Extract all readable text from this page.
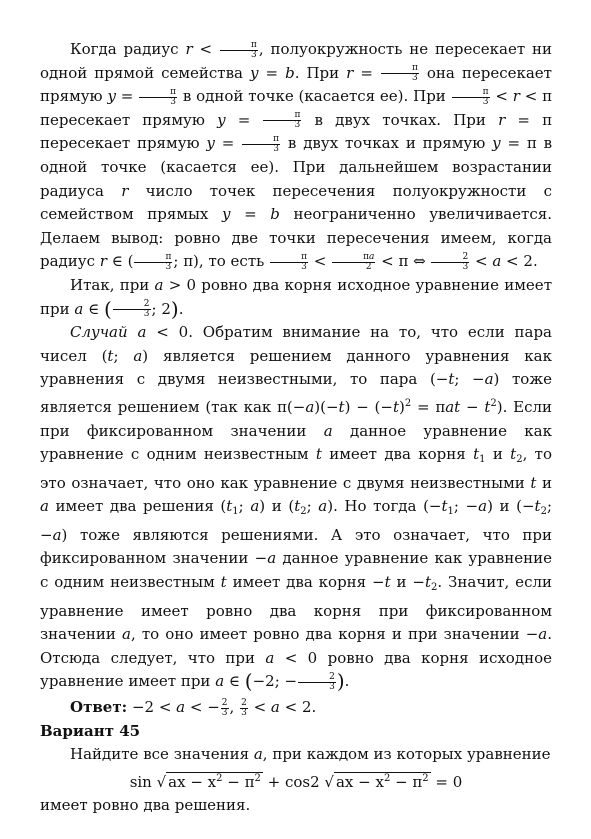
Когда радиус $r < \frac{\pi}{3}$ , полуокружность не пересекает ни одной прямой семейства y = b. При $r = \frac{\pi}{3}$ она пересекает прямую $y = \frac{\pi}{3}$ в одной точке (касается ее). При $\frac{\pi}{3} < r < \pi$ пересекает прямую $y = \frac{\pi}{3}$ в двух точках. При r = π пересекает прямую $y = \frac{\pi}{3}$ в двух точках и прямую y = π в одной точке (касается ее). При дальнейшем возрастании радиуса r число точек пересечения полуокружности с семейством прямых y = b неограниченно увеличивается. Делаем вывод: ровно две точки пересечения имеем, когда радиус r ∈ ( $\frac{\pi}{3}$ ; π), то есть $\frac{\pi}{3} < \frac{\pi a}{2} < \pi$ ⇔ $\frac{2}{3} < a < 2$.

Итак, при a > 0 ровно два корня исходное уравнение имеет при a ∈ ( $\frac{2}{3}$ ; 2).

Случай a < 0. Обратим внимание на то, что если пара чисел (t; a) является решением данного уравнения как уравнения с двумя неизвестными, то пара (−t; −a) тоже является решением (так как $\pi(-a)(-t) - (-t)^2 = \pi at - t^2$). Если при фиксированном значении a данное уравнение как уравнение с одним неизвестным t имеет два корня $t_1$ и $t_2$, то это означает, что оно как уравнение с двумя неизвестными t и a имеет два решения ($t_1$; a) и ($t_2$; a). Но тогда ($-t_1$; −a) и ($-t_2$; −a) тоже являются решениями. А это означает, что при фиксированном значении −a данное уравнение как уравнение с одним неизвестным t имеет два корня −t $и -t_2$. Значит, если уравнение имеет ровно два корня при фиксированном значении a, то оно имеет ровно два корня и при значении −a. Отсюда следует, что при a < 0 ровно два корня исходное уравнение имеет при a ∈ (−2; − $\frac{2}{3}$ ).

Ответ: −2 < a < − $\frac{2}{3}$ , $\frac{2}{3} < a < 2$.

Вариант 45

Найдите все значения a, при каждом из которых уравнение

sin √ ax − $x^2 - \pi^2 + \cos 2$ √ ax − $x^2 - \pi^2 = 0$

имеет ровно два решения.
